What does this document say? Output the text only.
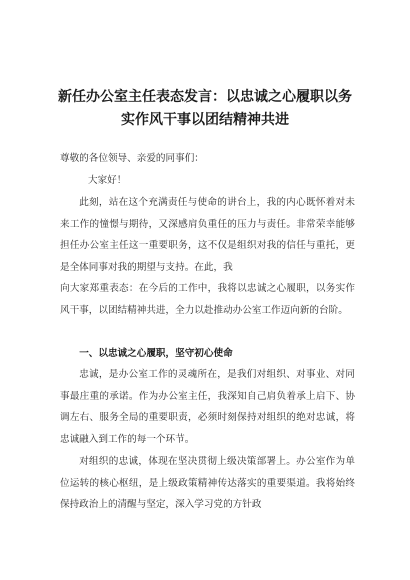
新任办公室主任表态发言：以忠诚之心履职以务
实作风干事以团结精神共进

尊敬的各位领导、亲爱的同事们：

大家好！

此刻，站在这个充满责任与使命的讲台上，我的内心既怀着对未来工作的憧憬与期待，又深感肩负重任的压力与责任。非常荣幸能够担任办公室主任这一重要职务，这不仅是组织对我的信任与重托，更是全体同事对我的期望与支持。在此，我

向大家郑重表态：在今后的工作中，我将以忠诚之心履职，以务实作风干事，以团结精神共进，全力以赴推动办公室工作迈向新的台阶。

一、以忠诚之心履职，坚守初心使命

忠诚，是办公室工作的灵魂所在，是我们对组织、对事业、对同事最庄重的承诺。作为办公室主任，我深知自己肩负着承上启下、协调左右、服务全局的重要职责，必须时刻保持对组织的绝对忠诚，将忠诚融入到工作的每一个环节。

对组织的忠诚，体现在坚决贯彻上级决策部署上。办公室作为单位运转的核心枢纽，是上级政策精神传达落实的重要渠道。我将始终保持政治上的清醒与坚定，深入学习党的方针政
